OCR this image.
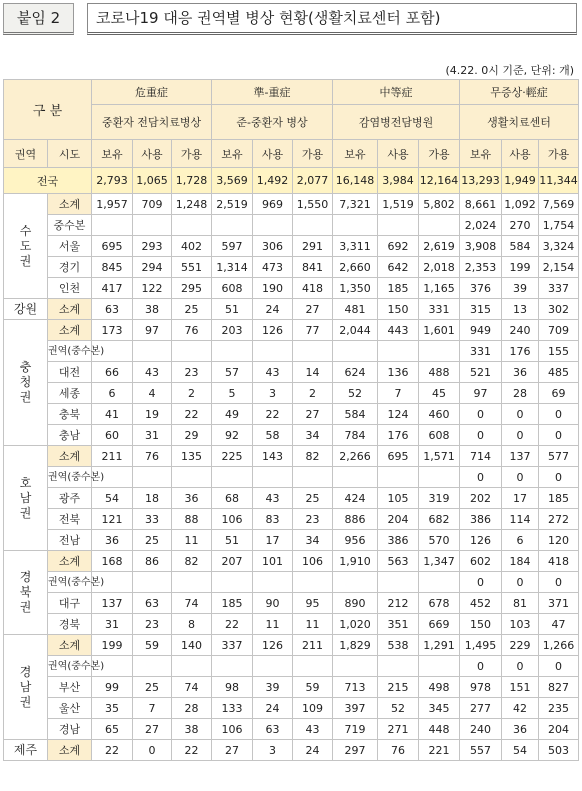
붙임 2	코로나19 대응 권역별 병상 현황(생활치료센터 포함)
(4.22. 0시 기준, 단위: 개)
구 분		危重症			準-重症			中等症			무증상·輕症		
		중환자 전담치료병상			준-중환자 병상			감염병전담병원			생활치료센터		
권역	시도	보유	사용	가용	보유	사용	가용	보유	사용	가용	보유	사용	가용
전국		2,793	1,065	1,728	3,569	1,492	2,077	16,148	3,984	12,164	13,293	1,949	11,344
수도권	소계	1,957	709	1,248	2,519	969	1,550	7,321	1,519	5,802	8,661	1,092	7,569
	중수본										2,024	270	1,754
	서울	695	293	402	597	306	291	3,311	692	2,619	3,908	584	3,324
	경기	845	294	551	1,314	473	841	2,660	642	2,018	2,353	199	2,154
	인천	417	122	295	608	190	418	1,350	185	1,165	376	39	337
강원	소계	63	38	25	51	24	27	481	150	331	315	13	302
충청권	소계	173	97	76	203	126	77	2,044	443	1,601	949	240	709
	권역(중수본)										331	176	155
	대전	66	43	23	57	43	14	624	136	488	521	36	485
	세종	6	4	2	5	3	2	52	7	45	97	28	69
	충북	41	19	22	49	22	27	584	124	460	0	0	0
	충남	60	31	29	92	58	34	784	176	608	0	0	0
호남권	소계	211	76	135	225	143	82	2,266	695	1,571	714	137	577
	권역(중수본)										0	0	0
	광주	54	18	36	68	43	25	424	105	319	202	17	185
	전북	121	33	88	106	83	23	886	204	682	386	114	272
	전남	36	25	11	51	17	34	956	386	570	126	6	120
경북권	소계	168	86	82	207	101	106	1,910	563	1,347	602	184	418
	권역(중수본)										0	0	0
	대구	137	63	74	185	90	95	890	212	678	452	81	371
	경북	31	23	8	22	11	11	1,020	351	669	150	103	47
경남권	소계	199	59	140	337	126	211	1,829	538	1,291	1,495	229	1,266
	권역(중수본)										0	0	0
	부산	99	25	74	98	39	59	713	215	498	978	151	827
	울산	35	7	28	133	24	109	397	52	345	277	42	235
	경남	65	27	38	106	63	43	719	271	448	240	36	204
제주	소계	22	0	22	27	3	24	297	76	221	557	54	503
